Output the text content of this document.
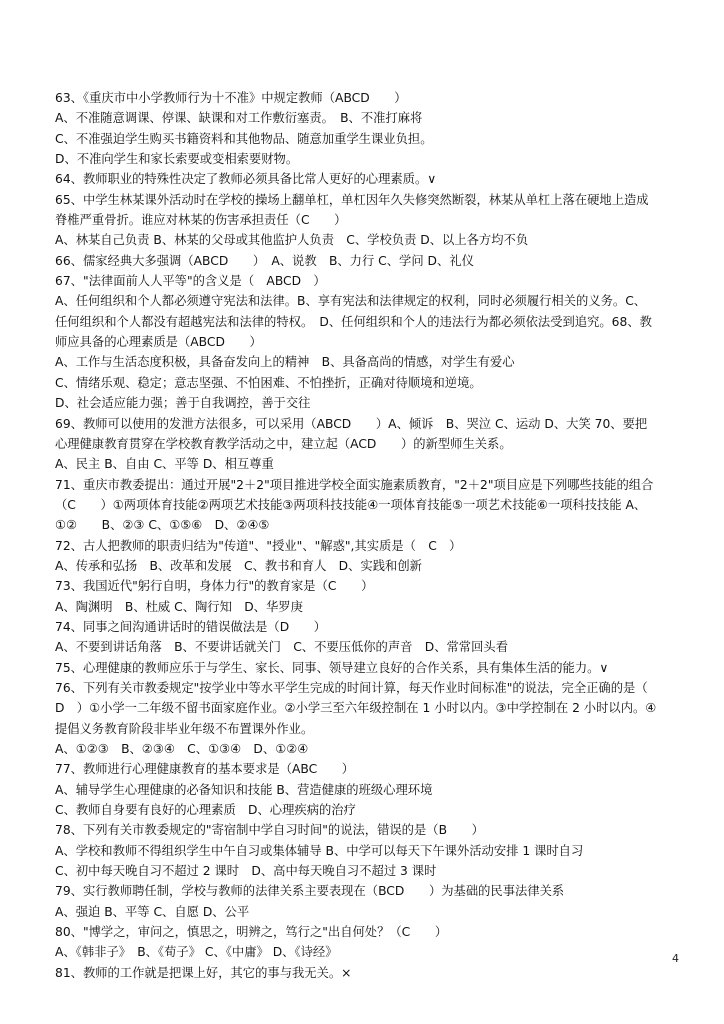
63、《重庆市中小学教师行为十不准》中规定教师（ABCD　　）
A、不准随意调课、停课、缺课和对工作敷衍塞责。　B、不准打麻将
C、不准强迫学生购买书籍资料和其他物品、随意加重学生课业负担。
D、不准向学生和家长索要或变相索要财物。
64、教师职业的特殊性决定了教师必须具备比常人更好的心理素质。∨
65、中学生林某课外活动时在学校的操场上翻单杠，单杠因年久失修突然断裂，林某从单杠上落在硬地上造成
脊椎严重骨折。谁应对林某的伤害承担责任（C　　）
A、林某自己负责 B、林某的父母或其他监护人负责　C、学校负责 D、以上各方均不负
66、儒家经典大多强调（ABCD　　）　A、说教　B、力行 C、学问 D、礼仪
67、"法律面前人人平等"的含义是（　ABCD　）
A、任何组织和个人都必须遵守宪法和法律。B、享有宪法和法律规定的权利，同时必须履行相关的义务。C、
任何组织和个人都没有超越宪法和法律的特权。　D、任何组织和个人的违法行为都必须依法受到追究。68、教
师应具备的心理素质是（ABCD　　）
A、工作与生活态度积极，具备奋发向上的精神　B、具备高尚的情感，对学生有爱心
C、情绪乐观、稳定；意志坚强、不怕困难、不怕挫折，正确对待顺境和逆境。
D、社会适应能力强；善于自我调控，善于交往
69、教师可以使用的发泄方法很多，可以采用（ABCD　　）A、倾诉　B、哭泣 C、运动 D、大笑 70、要把
心理健康教育贯穿在学校教育教学活动之中，建立起（ACD　　）的新型师生关系。
A、民主 B、自由 C、平等 D、相互尊重
71、重庆市教委提出：通过开展"2＋2"项目推进学校全面实施素质教育，"2＋2"项目应是下列哪些技能的组合
（C　　）①两项体育技能②两项艺术技能③两项科技技能④一项体育技能⑤一项艺术技能⑥一项科技技能 A、
①②　　B、②③ C、①⑤⑥　D、②④⑤
72、古人把教师的职责归结为"传道"、"授业"、"解惑",其实质是（　C　）
A、传承和弘扬　B、改革和发展　C、教书和育人　D、实践和创新
73、我国近代"躬行自明，身体力行"的教育家是（C　　）
A、陶渊明　B、杜威 C、陶行知　D、华罗庚
74、同事之间沟通讲话时的错误做法是（D　　）
A、不要到讲话角落　B、不要讲话就关门　C、不要压低你的声音　D、常常回头看
75、心理健康的教师应乐于与学生、家长、同事、领导建立良好的合作关系，具有集体生活的能力。∨
76、下列有关市教委规定"按学业中等水平学生完成的时间计算，每天作业时间标准"的说法，完全正确的是（
D　）①小学一二年级不留书面家庭作业。②小学三至六年级控制在 1 小时以内。③中学控制在 2 小时以内。④
提倡义务教育阶段非毕业年级不布置课外作业。
A、①②③　B、②③④　C、①③④　D、①②④
77、教师进行心理健康教育的基本要求是（ABC　　）
A、辅导学生心理健康的必备知识和技能 B、营造健康的班级心理环境
C、教师自身要有良好的心理素质　D、心理疾病的治疗
78、下列有关市教委规定的"寄宿制中学自习时间"的说法，错误的是（B　　）
A、学校和教师不得组织学生中午自习或集体辅导 B、中学可以每天下午课外活动安排 1 课时自习
C、初中每天晚自习不超过 2 课时　D、高中每天晚自习不超过 3 课时
79、实行教师聘任制，学校与教师的法律关系主要表现在（BCD　　）为基础的民事法律关系
A、强迫 B、平等 C、自愿 D、公平
80、"博学之，审问之，慎思之，明辨之，笃行之"出自何处？（C　　）
A、《韩非子》　B、《荀子》 C、《中庸》 D、《诗经》
81、教师的工作就是把课上好，其它的事与我无关。×
4
